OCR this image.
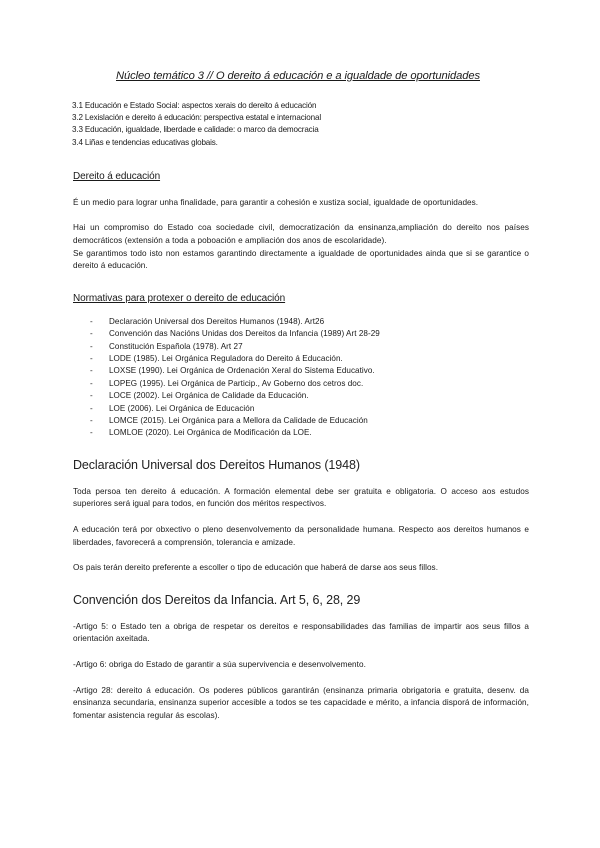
Núcleo temático 3 // O dereito á educación e a igualdade de oportunidades
3.1 Educación e Estado Social: aspectos xerais do dereito á educación
3.2 Lexislación e dereito á educación: perspectiva estatal e internacional
3.3 Educación, igualdade, liberdade e calidade: o marco da democracia
3.4 Liñas e tendencias educativas globais.
Dereito á educación

É un medio para lograr unha finalidade, para garantir a cohesión e xustiza social, igualdade de oportunidades.

Hai un compromiso do Estado coa sociedade civil, democratización da ensinanza,ampliación do dereito nos países democráticos (extensión a toda a poboación e ampliación dos anos de escolaridade).

Se garantimos todo isto non estamos garantindo directamente a igualdade de oportunidades ainda que si se garantice o dereito á educación.

Normativas para protexer o dereito de educación
- Declaración Universal dos Dereitos Humanos (1948). Art26
- Convención das Nacións Unidas dos Dereitos da Infancia (1989) Art 28-29
- Constitución Española (1978). Art 27
- LODE (1985). Lei Orgánica Reguladora do Dereito á Educación.
- LOXSE (1990). Lei Orgánica de Ordenación Xeral do Sistema Educativo.
- LOPEG (1995). Lei Orgánica de Particip., Av Goberno dos cetros doc.
- LOCE (2002). Lei Orgánica de Calidade da Educación.
- LOE (2006). Lei Orgánica de Educación
- LOMCE (2015). Lei Orgánica para a Mellora da Calidade de Educación
- LOMLOE (2020). Lei Orgánica de Modificación da LOE.
Declaración Universal dos Dereitos Humanos (1948)

Toda persoa ten dereito á educación. A formación elemental debe ser gratuita e obligatoria. O acceso aos estudos superiores será igual para todos, en función dos méritos respectivos.

A educación terá por obxectivo o pleno desenvolvemento da personalidade humana. Respecto aos dereitos humanos e liberdades, favorecerá a comprensión, tolerancia e amizade.

Os pais terán dereito preferente a escoller o tipo de educación que haberá de darse aos seus fillos.

Convención dos Dereitos da Infancia. Art 5, 6, 28, 29

-Artigo 5: o Estado ten a obriga de respetar os dereitos e responsabilidades das familias de impartir aos seus fillos a orientación axeitada.

-Artigo 6: obriga do Estado de garantir a súa supervivencia e desenvolvemento.

-Artigo 28: dereito á educación. Os poderes públicos garantirán (ensinanza primaria obrigatoria e gratuita, desenv. da ensinanza secundaria, ensinanza superior accesible a todos se tes capacidade e mérito, a infancia disporá de información, fomentar asistencia regular ás escolas).
